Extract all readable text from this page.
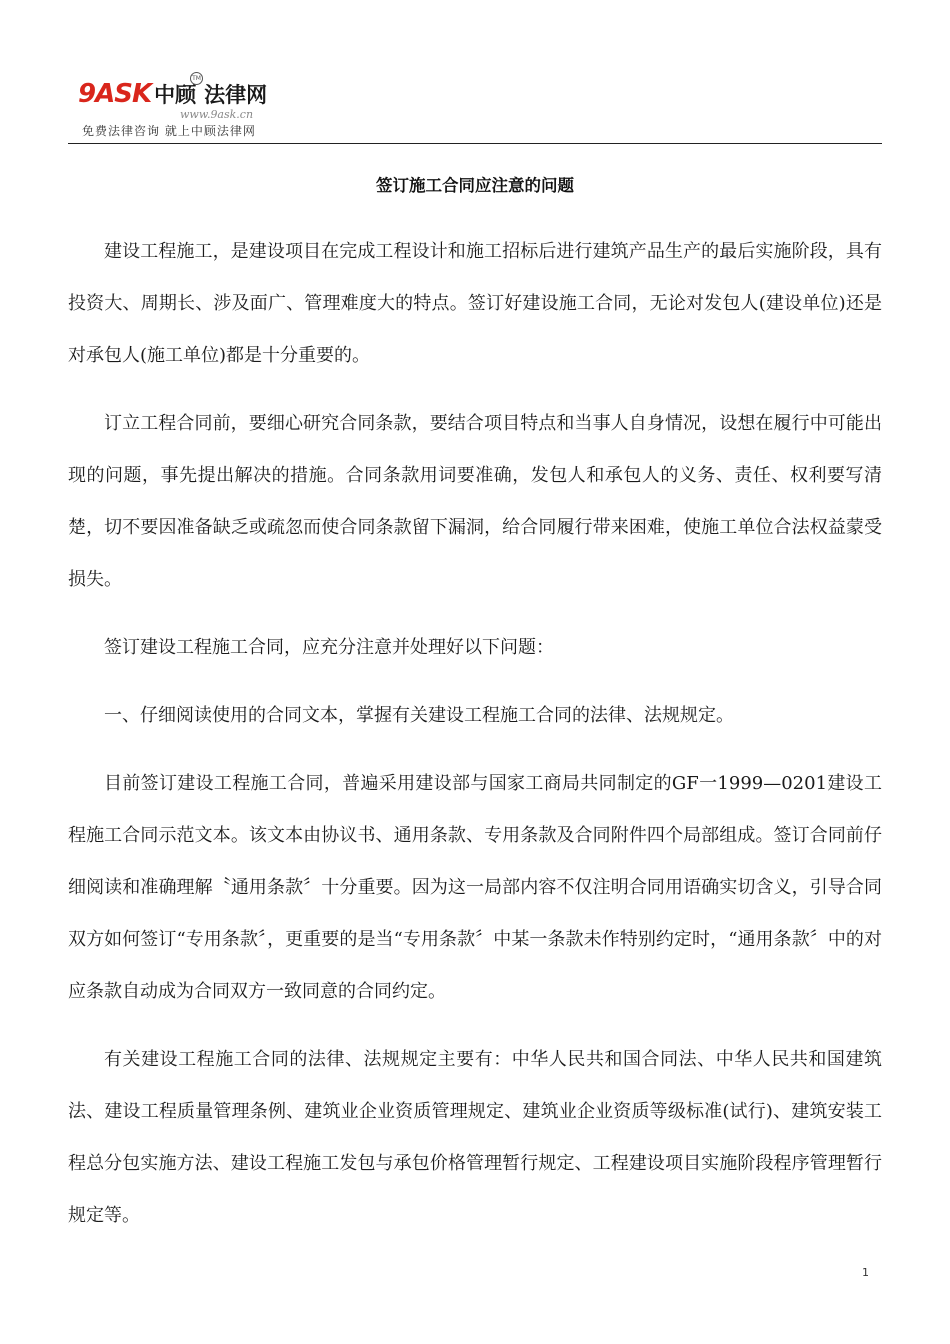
9ASK 中顾 法律网
TM
www.9ask.cn
免费法律咨询 就上中顾法律网
签订施工合同应注意的问题

建设工程施工，是建设项目在完成工程设计和施工招标后进行建筑产品生产的最后实施阶段，具有投资大、周期长、涉及面广、管理难度大的特点。签订好建设施工合同，无论对发包人(建设单位)还是对承包人(施工单位)都是十分重要的。

订立工程合同前，要细心研究合同条款，要结合项目特点和当事人自身情况，设想在履行中可能出现的问题，事先提出解决的措施。合同条款用词要准确，发包人和承包人的义务、责任、权利要写清楚，切不要因准备缺乏或疏忽而使合同条款留下漏洞，给合同履行带来困难，使施工单位合法权益蒙受损失。

签订建设工程施工合同，应充分注意并处理好以下问题：

一、仔细阅读使用的合同文本，掌握有关建设工程施工合同的法律、法规规定。

目前签订建设工程施工合同，普遍采用建设部与国家工商局共同制定的GF一1999—0201建设工程施工合同示范文本。该文本由协议书、通用条款、专用条款及合同附件四个局部组成。签订合同前仔细阅读和准确理解〝通用条款〞十分重要。因为这一局部内容不仅注明合同用语确实切含义，引导合同双方如何签订“专用条款〞，更重要的是当“专用条款〞中某一条款未作特别约定时，“通用条款〞中的对应条款自动成为合同双方一致同意的合同约定。

有关建设工程施工合同的法律、法规规定主要有：中华人民共和国合同法、中华人民共和国建筑法、建设工程质量管理条例、建筑业企业资质管理规定、建筑业企业资质等级标准(试行)、建筑安装工程总分包实施方法、建设工程施工发包与承包价格管理暂行规定、工程建设项目实施阶段程序管理暂行规定等。

1
